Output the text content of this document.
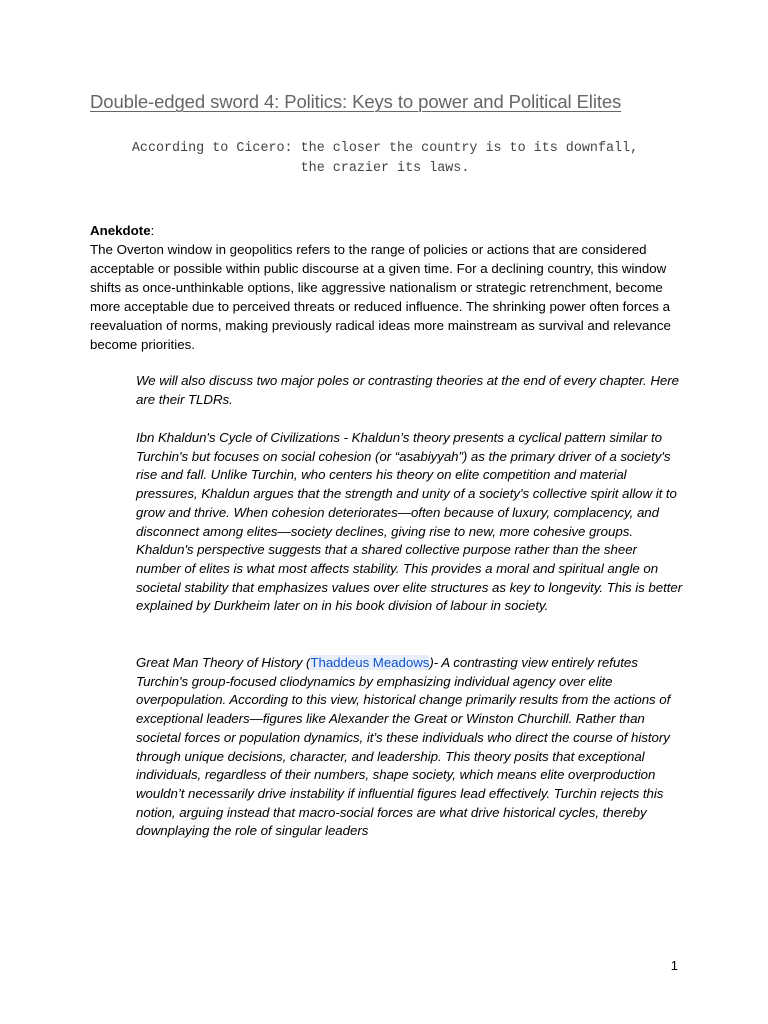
Double-edged sword 4: Politics: Keys to power and Political Elites
According to Cicero: the closer the country is to its downfall,
the crazier its laws.
Anekdote:
The Overton window in geopolitics refers to the range of policies or actions that are considered acceptable or possible within public discourse at a given time. For a declining country, this window shifts as once-unthinkable options, like aggressive nationalism or strategic retrenchment, become more acceptable due to perceived threats or reduced influence. The shrinking power often forces a reevaluation of norms, making previously radical ideas more mainstream as survival and relevance become priorities.

We will also discuss two major poles or contrasting theories at the end of every chapter. Here are their TLDRs.

Ibn Khaldun's Cycle of Civilizations - Khaldun’s theory presents a cyclical pattern similar to Turchin's but focuses on social cohesion (or “asabiyyah”) as the primary driver of a society's rise and fall. Unlike Turchin, who centers his theory on elite competition and material pressures, Khaldun argues that the strength and unity of a society's collective spirit allow it to grow and thrive. When cohesion deteriorates—often because of luxury, complacency, and disconnect among elites—society declines, giving rise to new, more cohesive groups. Khaldun's perspective suggests that a shared collective purpose rather than the sheer number of elites is what most affects stability. This provides a moral and spiritual angle on societal stability that emphasizes values over elite structures as key to longevity. This is better explained by Durkheim later on in his book division of labour in society.

Great Man Theory of History (Thaddeus Meadows)- A contrasting view entirely refutes Turchin's group-focused cliodynamics by emphasizing individual agency over elite overpopulation. According to this view, historical change primarily results from the actions of exceptional leaders—figures like Alexander the Great or Winston Churchill. Rather than societal forces or population dynamics, it’s these individuals who direct the course of history through unique decisions, character, and leadership. This theory posits that exceptional individuals, regardless of their numbers, shape society, which means elite overproduction wouldn’t necessarily drive instability if influential figures lead effectively. Turchin rejects this notion, arguing instead that macro-social forces are what drive historical cycles, thereby downplaying the role of singular leaders

1
